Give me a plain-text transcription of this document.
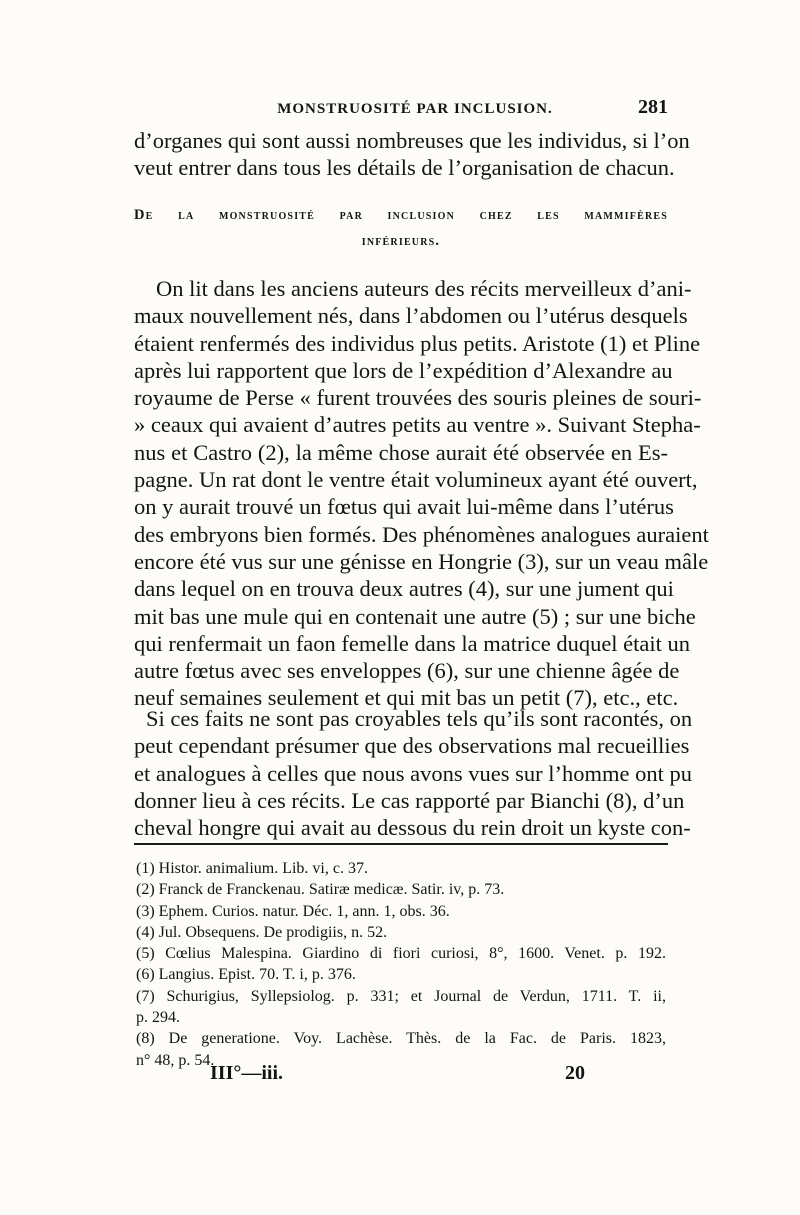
MONSTRUOSITÉ PAR INCLUSION.	281
d’organes qui sont aussi nombreuses que les individus, si l’on
veut entrer dans tous les détails de l’organisation de chacun.
De la monstruosité par inclusion chez les mammifères
inférieurs.
On lit dans les anciens auteurs des récits merveilleux d’ani-
maux nouvellement nés, dans l’abdomen ou l’utérus desquels
étaient renfermés des individus plus petits. Aristote (1) et Pline
après lui rapportent que lors de l’expédition d’Alexandre au
royaume de Perse « furent trouvées des souris pleines de souri-
» ceaux qui avaient d’autres petits au ventre ». Suivant Stepha-
nus et Castro (2), la même chose aurait été observée en Es-
pagne. Un rat dont le ventre était volumineux ayant été ouvert,
on y aurait trouvé un fœtus qui avait lui-même dans l’utérus
des embryons bien formés. Des phénomènes analogues auraient
encore été vus sur une génisse en Hongrie (3), sur un veau mâle
dans lequel on en trouva deux autres (4), sur une jument qui
mit bas une mule qui en contenait une autre (5) ; sur une biche
qui renfermait un faon femelle dans la matrice duquel était un
autre fœtus avec ses enveloppes (6), sur une chienne âgée de
neuf semaines seulement et qui mit bas un petit (7), etc., etc.
Si ces faits ne sont pas croyables tels qu’ils sont racontés, on
peut cependant présumer que des observations mal recueillies
et analogues à celles que nous avons vues sur l’homme ont pu
donner lieu à ces récits. Le cas rapporté par Bianchi (8), d’un
cheval hongre qui avait au dessous du rein droit un kyste con-
(1) Histor. animalium. Lib. vi, c. 37.
(2) Franck de Franckenau. Satiræ medicæ. Satir. iv, p. 73.
(3) Ephem. Curios. natur. Déc. 1, ann. 1, obs. 36.
(4) Jul. Obsequens. De prodigiis, n. 52.
(5) Cœlius Malespina. Giardino di fiori curiosi, 8°, 1600. Venet. p. 192.
(6) Langius. Epist. 70. T. i, p. 376.
(7) Schurigius, Syllepsiolog. p. 331; et Journal de Verdun, 1711. T. ii,
p. 294.
(8) De generatione. Voy. Lachèse. Thès. de la Fac. de Paris. 1823,
n° 48, p. 54.
III°—iii.	20
